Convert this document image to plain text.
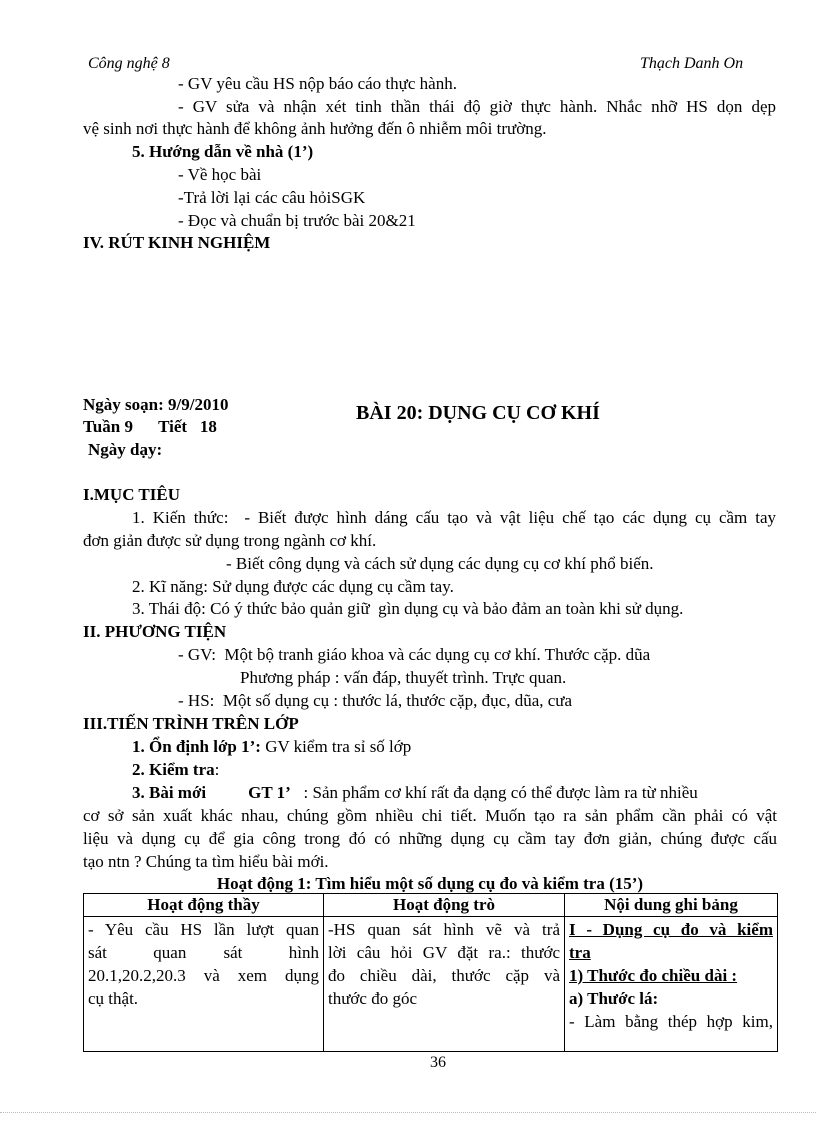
Công nghệ 8	Thạch Danh On
- GV yêu cầu HS nộp báo cáo thực hành.
- GV sửa và nhận xét tinh thần thái độ giờ thực hành. Nhắc nhỡ HS dọn dẹp
vệ sinh nơi thực hành để không ảnh hưởng đến ô nhiễm môi trường.
5. Hướng dẫn về nhà (1’)
- Về học bài
-Trả lời lại các câu hỏiSGK
- Đọc và chuẩn bị trước bài 20&21
IV. RÚT KINH NGHIỆM
Ngày soạn: 9/9/2010
Tuần 9      Tiết   18
Ngày dạy:
BÀI 20: DỤNG CỤ CƠ KHÍ
I.MỤC TIÊU
1. Kiến thức:  - Biết được hình dáng cấu tạo và vật liệu chế tạo các dụng cụ cầm tay
đơn giản được sử dụng trong ngành cơ khí.
- Biết công dụng và cách sử dụng các dụng cụ cơ khí phổ biến.
2. Kĩ năng: Sử dụng được các dụng cụ cầm tay.
3. Thái độ: Có ý thức bảo quản giữ  gìn dụng cụ và bảo đảm an toàn khi sử dụng.
II. PHƯƠNG TIỆN
- GV:  Một bộ tranh giáo khoa và các dụng cụ cơ khí. Thước cặp. dũa
Phương pháp : vấn đáp, thuyết trình. Trực quan.
- HS:  Một số dụng cụ : thước lá, thước cặp, đục, dũa, cưa
III.TIẾN TRÌNH TRÊN LỚP
1. Ổn định lớp 1’: GV kiểm tra sỉ số lớp
2. Kiểm tra:
3. Bài mới GT 1’   : Sản phẩm cơ khí rất đa dạng có thể được làm ra từ nhiều
cơ sở sản xuất khác nhau, chúng gồm nhiều chi tiết. Muốn tạo ra sản phẩm cần phải có vật
liệu và dụng cụ để gia công trong đó có những dụng cụ cầm tay đơn giản, chúng được cấu
tạo ntn ? Chúng ta tìm hiểu bài mới.
Hoạt động 1: Tìm hiểu một số dụng cụ đo và kiểm tra (15’)
Hoạt động thầy	Hoạt động trò	Nội dung ghi bảng

- Yêu cầu HS lần lượt quan
sát     quan    sát     hình
20.1,20.2,20.3 và xem dụng
cụ thật.	-HS quan sát hình vẽ và trả
lời câu hỏi GV đặt ra.: thước
đo chiều dài, thước cặp và
thước đo góc	I - Dụng cụ đo và kiểm
tra
1) Thước đo chiều dài :
a) Thước lá:
- Làm bằng thép hợp kim,
36
